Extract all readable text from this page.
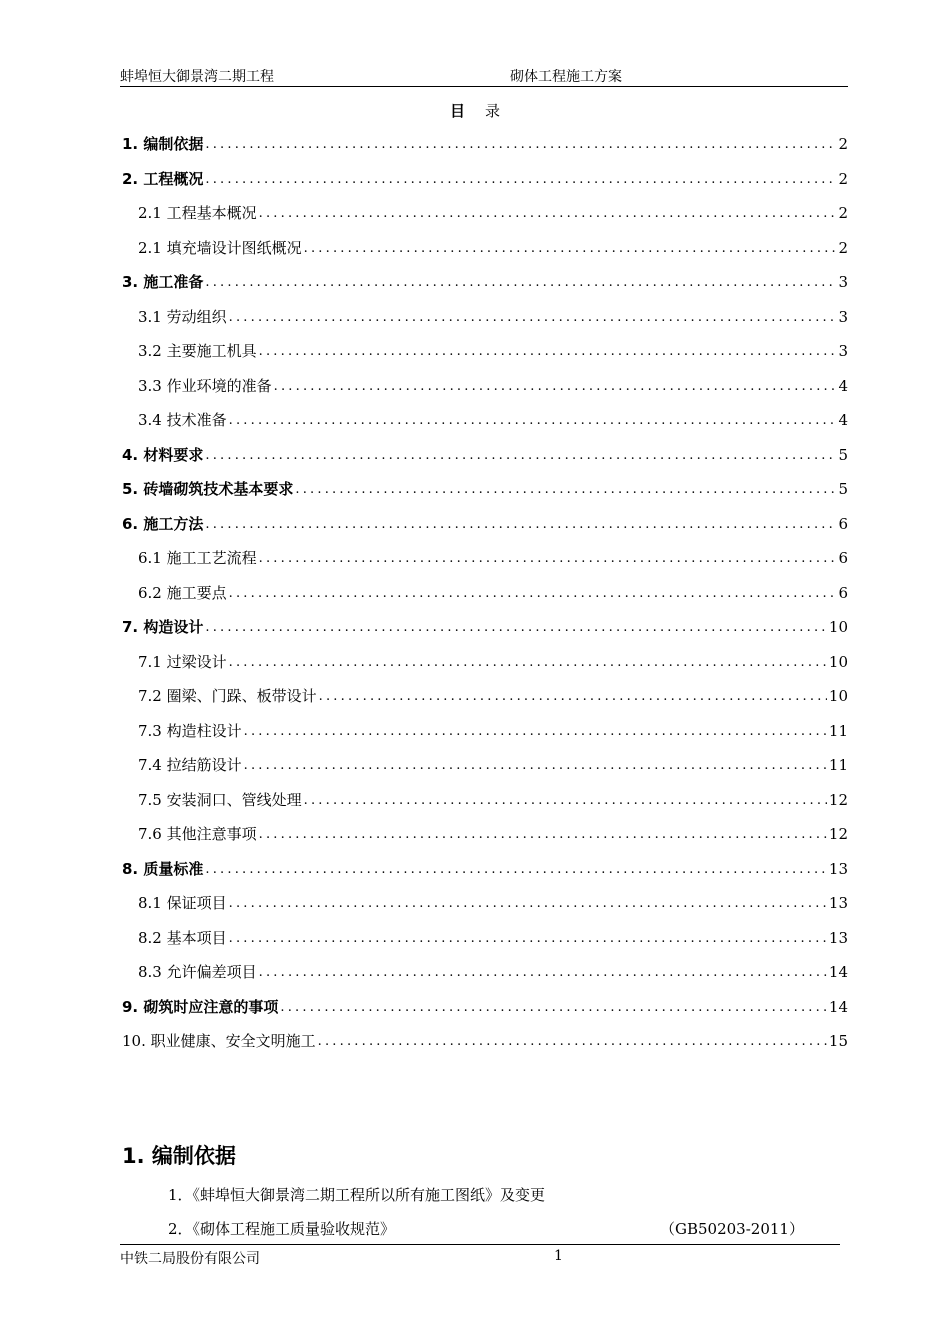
蚌埠恒大御景湾二期工程	砌体工程施工方案
目 录
1. 编制依据 .....	2
2. 工程概况 .....	2
2.1 工程基本概况 .....	2
2.1 填充墙设计图纸概况 .....	2
3. 施工准备 .....	3
3.1 劳动组织 .....	3
3.2 主要施工机具 .....	3
3.3 作业环境的准备 .....	4
3.4 技术准备 .....	4
4. 材料要求 .....	5
5. 砖墙砌筑技术基本要求 .....	5
6. 施工方法 .....	6
6.1 施工工艺流程 .....	6
6.2 施工要点 .....	6
7. 构造设计 .....	10
7.1 过梁设计 .....	10
7.2 圈梁、门跺、板带设计 .....	10
7.3 构造柱设计 .....	11
7.4 拉结筋设计 .....	11
7.5 安装洞口、管线处理 .....	12
7.6 其他注意事项 .....	12
8. 质量标准 .....	13
8.1 保证项目 .....	13
8.2 基本项目 .....	13
8.3 允许偏差项目 .....	14
9. 砌筑时应注意的事项 .....	14
10. 职业健康、安全文明施工 .....	15
1. 编制依据
1．《蚌埠恒大御景湾二期工程所以所有施工图纸》及变更
2．《砌体工程施工质量验收规范》	（GB50203-2011）
中铁二局股份有限公司	1
